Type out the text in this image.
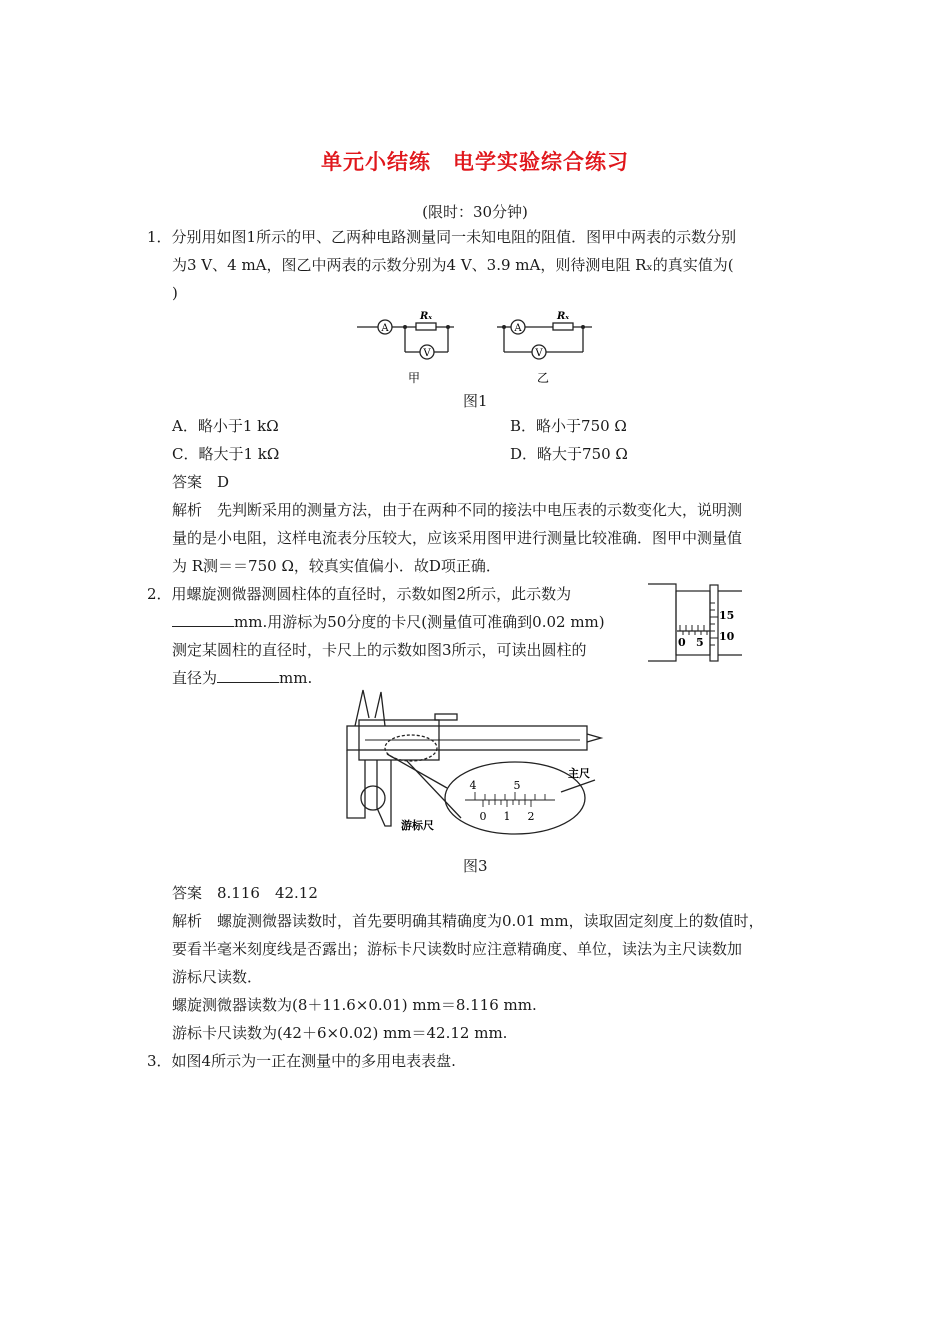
单元小结练　电学实验综合练习
(限时：30分钟)
1．分别用如图1所示的甲、乙两种电路测量同一未知电阻的阻值．图甲中两表的示数分别
为3 V、4 mA，图乙中两表的示数分别为4 V、3.9 mA，则待测电阻 Rₓ的真实值为(
)
A
V
Rₓ
A
V
Rₓ
甲	乙
图1
A．略小于1 kΩ	B．略小于750 Ω
C．略大于1 kΩ	D．略大于750 Ω
答案　D
解析　先判断采用的测量方法，由于在两种不同的接法中电压表的示数变化大，说明测
量的是小电阻，这样电流表分压较大，应该采用图甲进行测量比较准确．图甲中测量值
为 R测＝＝750 Ω，较真实值偏小．故D项正确．
2．用螺旋测微器测圆柱体的直径时，示数如图2所示，此示数为
mm.用游标为50分度的卡尺(测量值可准确到0.02 mm)
测定某圆柱的直径时，卡尺上的示数如图3所示，可读出圆柱的
直径为	mm.
15
10
0 5
4	5
0 1 2
主尺
游标尺
图3
答案　8.116　42.12
解析　螺旋测微器读数时，首先要明确其精确度为0.01 mm，读取固定刻度上的数值时，
要看半毫米刻度线是否露出；游标卡尺读数时应注意精确度、单位，读法为主尺读数加
游标尺读数．
螺旋测微器读数为(8＋11.6×0.01) mm＝8.116 mm.
游标卡尺读数为(42＋6×0.02) mm＝42.12 mm.
3．如图4所示为一正在测量中的多用电表表盘.
